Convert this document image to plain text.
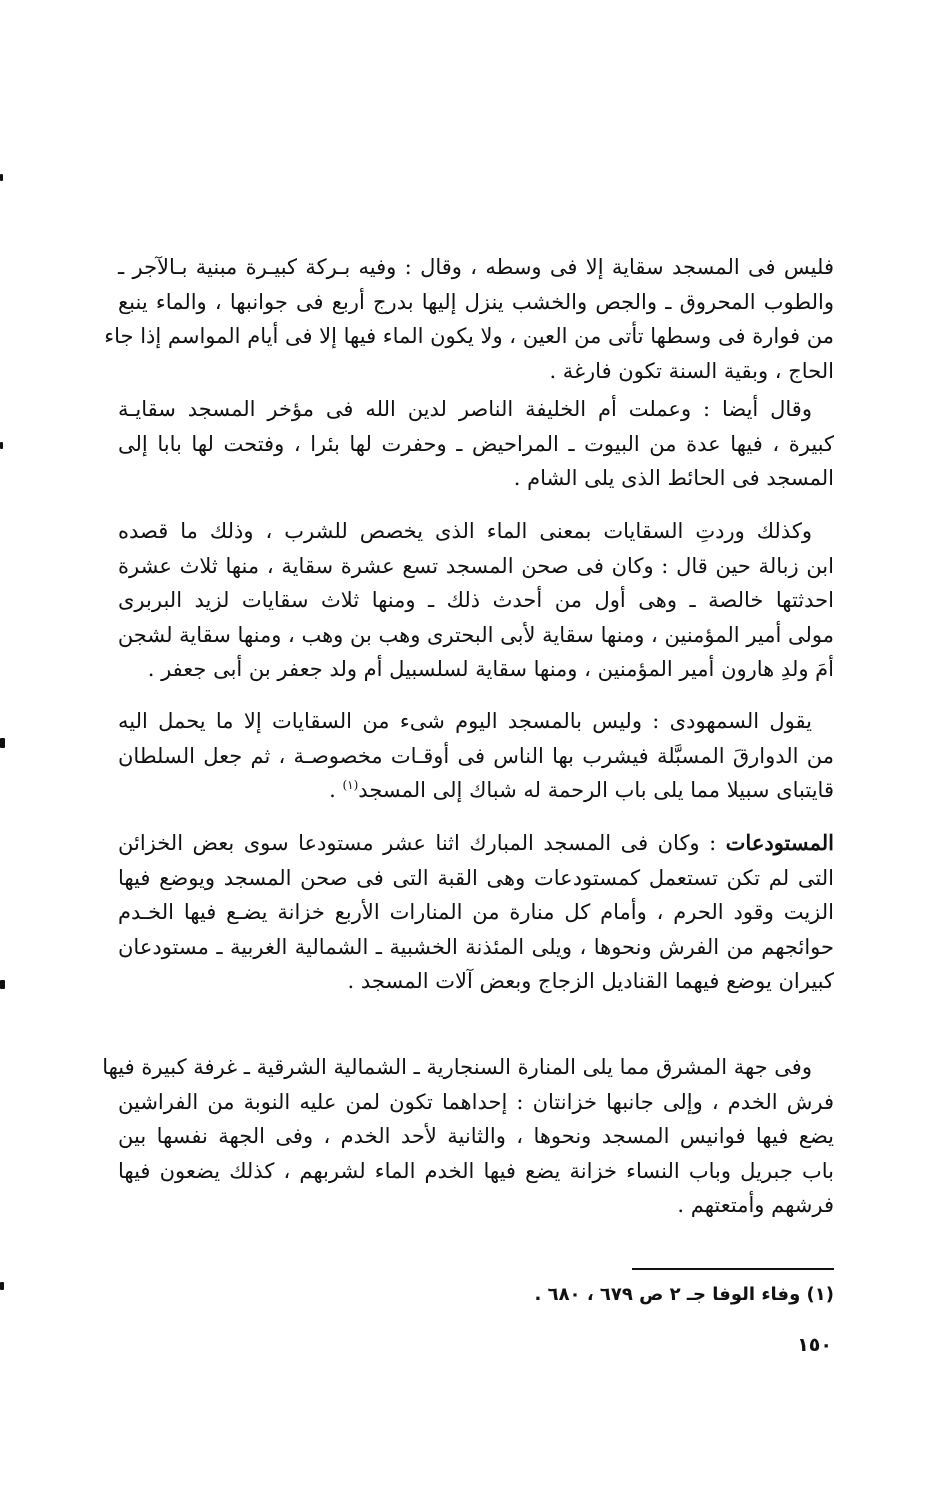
فليس فى المسجد سقاية إلا فى وسطه ، وقال : وفيه بـركة كبيـرة مبنية بـالآجر ـ
والطوب المحروق ـ والجص والخشب ينزل إليها بدرج أربع فى جوانبها ، والماء ينبع
من فوارة فى وسطها تأتى من العين ، ولا يكون الماء فيها إلا فى أيام المواسم إذا جاء
الحاج ، وبقية السنة تكون فارغة .
وقال أيضا : وعملت أم الخليفة الناصر لدين الله فى مؤخر المسجد سقايـة
كبيرة ، فيها عدة من البيوت ـ المراحيض ـ وحفرت لها بئرا ، وفتحت لها بابا إلى
المسجد فى الحائط الذى يلى الشام .
وكذلك وردتِ السقايات بمعنى الماء الذى يخصص للشرب ، وذلك ما قصده
ابن زبالة حين قال : وكان فى صحن المسجد تسع عشرة سقاية ، منها ثلاث عشرة
احدثتها خالصة ـ وهى أول من أحدث ذلك ـ ومنها ثلاث سقايات لزيد البربرى
مولى أمير المؤمنين ، ومنها سقاية لأبى البحترى وهب بن وهب ، ومنها سقاية لشجن
أمَ ولدِ هارون أمير المؤمنين ، ومنها سقاية لسلسبيل أم ولد جعفر بن أبى جعفر .
يقول السمهودى : وليس بالمسجد اليوم شىء من السقايات إلا ما يحمل اليه
من الدوارقَ المسبَّلة فيشرب بها الناس فى أوقـات مخصوصـة ، ثم جعل السلطان
قايتباى سبيلا مما يلى باب الرحمة له شباك إلى المسجد$^{(١)}$ .
المستودعات : وكان فى المسجد المبارك اثنا عشر مستودعا سوى بعض الخزائن
التى لم تكن تستعمل كمستودعات وهى القبة التى فى صحن المسجد ويوضع فيها
الزيت وقود الحرم ، وأمام كل منارة من المنارات الأربع خزانة يضـع فيها الخـدم
حوائجهم من الفرش ونحوها ، ويلى المئذنة الخشبية ـ الشمالية الغربية ـ مستودعان
كبيران يوضع فيهما القناديل الزجاج وبعض آلات المسجد .
وفى جهة المشرق مما يلى المنارة السنجارية ـ الشمالية الشرقية ـ غرفة كبيرة فيها
فرش الخدم ، وإلى جانبها خزانتان : إحداهما تكون لمن عليه النوبة من الفراشين
يضع فيها فوانيس المسجد ونحوها ، والثانية لأحد الخدم ، وفى الجهة نفسها بين
باب جبريل وباب النساء خزانة يضع فيها الخدم الماء لشربهم ، كذلك يضعون فيها
فرشهم وأمتعتهم .
(١) وفاء الوفا جـ ٢ ص ٦٧٩ ، ٦٨٠ .
١٥٠
